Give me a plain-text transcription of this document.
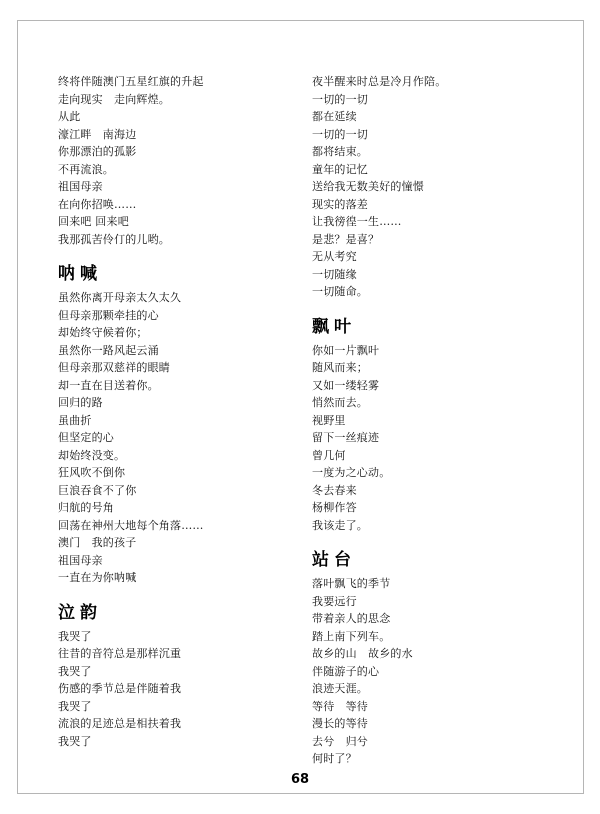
终将伴随澳门五星红旗的升起
走向现实　走向辉煌。
从此
濠江畔　南海边
你那漂泊的孤影
不再流浪。
祖国母亲
在向你招唤……
回来吧 回来吧
我那孤苦伶仃的儿哟。
呐喊
虽然你离开母亲太久太久
但母亲那颗牵挂的心
却始终守候着你；
虽然你一路风起云涌
但母亲那双慈祥的眼睛
却一直在目送着你。
回归的路
虽曲折
但坚定的心
却始终没变。
狂风吹不倒你
巨浪吞食不了你
归航的号角
回荡在神州大地每个角落……
澳门　我的孩子
祖国母亲
一直在为你呐喊
泣韵
我哭了
往昔的音符总是那样沉重
我哭了
伤感的季节总是伴随着我
我哭了
流浪的足迹总是相扶着我
我哭了
夜半醒来时总是冷月作陪。
一切的一切
都在延续
一切的一切
都将结束。
童年的记忆
送给我无数美好的憧憬
现实的落差
让我徬徨一生……
是悲？是喜？
无从考究
一切随缘
一切随命。
飘叶
你如一片飘叶
随风而来；
又如一缕轻雾
悄然而去。
视野里
留下一丝痕迹
曾几何
一度为之心动。
冬去春来
杨柳作答
我该走了。
站台
落叶飘飞的季节
我要远行
带着亲人的思念
踏上南下列车。
故乡的山　故乡的水
伴随游子的心
浪迹天涯。
等待　等待
漫长的等待
去兮　归兮
何时了？
68
